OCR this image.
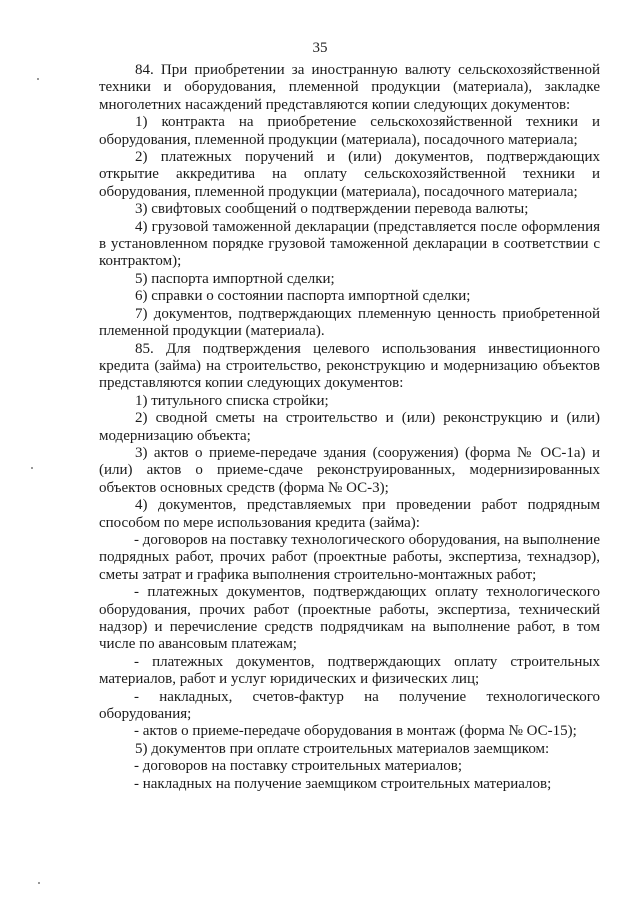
35

84. При приобретении за иностранную валюту сельскохозяйственной техники и оборудования, племенной продукции (материала), закладке многолетних насаждений представляются копии следующих документов:

1) контракта на приобретение сельскохозяйственной техники и оборудования, племенной продукции (материала), посадочного материала;

2) платежных поручений и (или) документов, подтверждающих открытие аккредитива на оплату сельскохозяйственной техники и оборудования, племенной продукции (материала), посадочного материала;

3) свифтовых сообщений о подтверждении перевода валюты;

4) грузовой таможенной декларации (представляется после оформления в установленном порядке грузовой таможенной декларации в соответствии с контрактом);

5) паспорта импортной сделки;

6) справки о состоянии паспорта импортной сделки;

7) документов, подтверждающих племенную ценность приобретенной племенной продукции (материала).

85. Для подтверждения целевого использования инвестиционного кредита (займа) на строительство, реконструкцию и модернизацию объектов представляются копии следующих документов:

1) титульного списка стройки;

2) сводной сметы на строительство и (или) реконструкцию и (или) модернизацию объекта;

3) актов о приеме-передаче здания (сооружения) (форма № ОС-1а) и (или) актов о приеме-сдаче реконструированных, модернизированных объектов основных средств (форма № ОС-3);

4) документов, представляемых при проведении работ подрядным способом по мере использования кредита (займа):

- договоров на поставку технологического оборудования, на выполнение подрядных работ, прочих работ (проектные работы, экспертиза, технадзор), сметы затрат и графика выполнения строительно-монтажных работ;

- платежных документов, подтверждающих оплату технологического оборудования, прочих работ (проектные работы, экспертиза, технический надзор) и перечисление средств подрядчикам на выполнение работ, в том числе по авансовым платежам;

- платежных документов, подтверждающих оплату строительных материалов, работ и услуг юридических и физических лиц;

- накладных, счетов-фактур на получение технологического оборудования;

- актов о приеме-передаче оборудования в монтаж (форма № ОС-15);

5) документов при оплате строительных материалов заемщиком:

- договоров на поставку строительных материалов;

- накладных на получение заемщиком строительных материалов;
